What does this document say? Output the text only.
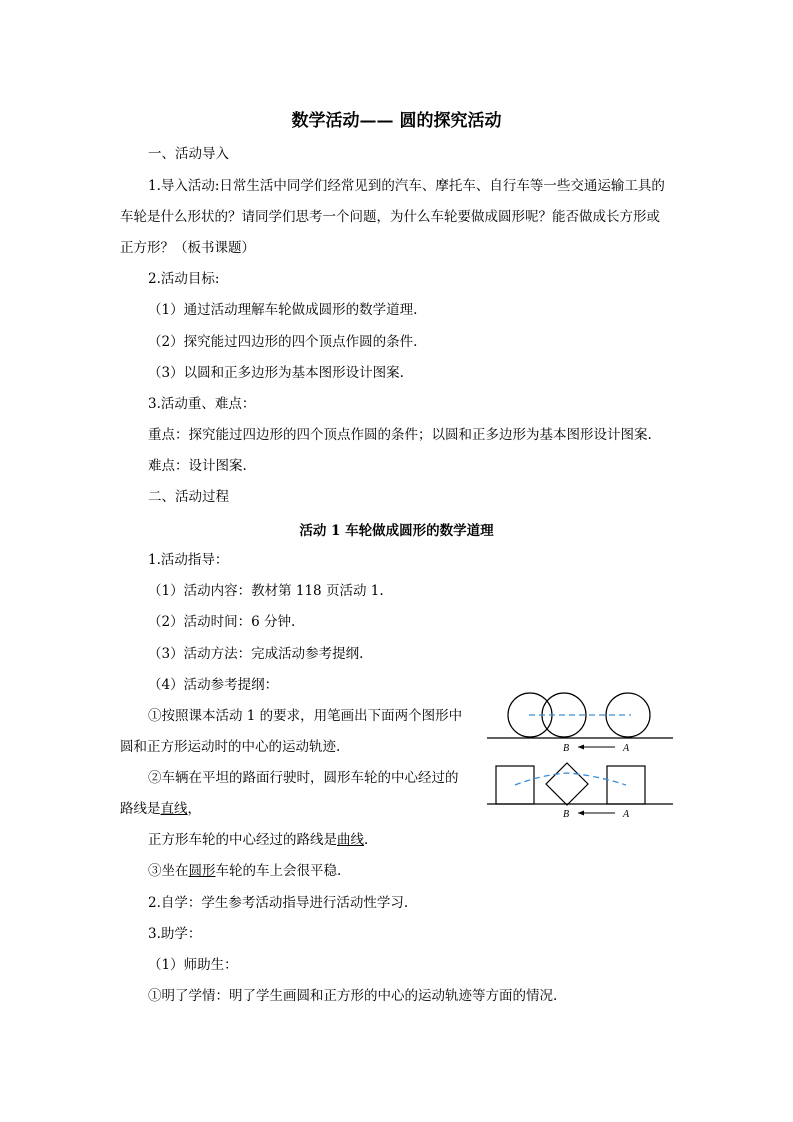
数学活动—— 圆的探究活动
一、活动导入
1.导入活动:日常生活中同学们经常见到的汽车、摩托车、自行车等一些交通运输工具的
车轮是什么形状的？请同学们思考一个问题，为什么车轮要做成圆形呢？能否做成长方形或
正方形？（板书课题）
2.活动目标:
（1）通过活动理解车轮做成圆形的数学道理.
（2）探究能过四边形的四个顶点作圆的条件.
（3）以圆和正多边形为基本图形设计图案.
3.活动重、难点：
重点：探究能过四边形的四个顶点作圆的条件；以圆和正多边形为基本图形设计图案.
难点：设计图案.
二、活动过程
活动 1 车轮做成圆形的数学道理
1.活动指导：
（1）活动内容：教材第 118 页活动 1.
（2）活动时间：6 分钟.
（3）活动方法：完成活动参考提纲.
（4）活动参考提纲：
①按照课本活动 1 的要求，用笔画出下面两个图形中
圆和正方形运动时的中心的运动轨迹.
②车辆在平坦的路面行驶时，圆形车轮的中心经过的
路线是直线，
正方形车轮的中心经过的路线是曲线.
③坐在圆形车轮的车上会很平稳.
2.自学：学生参考活动指导进行活动性学习.
3.助学：
（1）师助生：
①明了学情：明了学生画圆和正方形的中心的运动轨迹等方面的情况.
B	A
B	A
